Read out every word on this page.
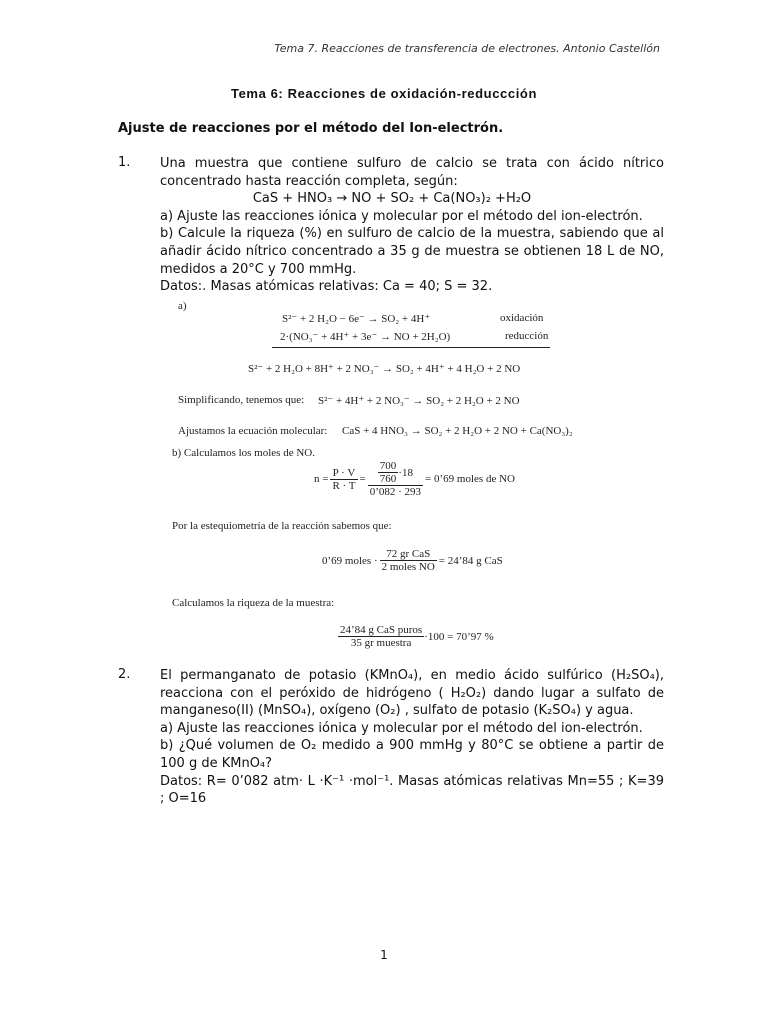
Tema 7. Reacciones de transferencia de electrones. Antonio Castellón
Tema 6: Reacciones de oxidación-reduccción
Ajuste de reacciones por el método del Ion-electrón.
1. Una muestra que contiene sulfuro de calcio se trata con ácido nítrico concentrado hasta reacción completa, según:

CaS + HNO₃ → NO + SO₂ + Ca(NO₃)₂ +H₂O

a) Ajuste las reacciones iónica y molecular por el método del ion-electrón.

b) Calcule la riqueza (%) en sulfuro de calcio de la muestra, sabiendo que al añadir ácido nítrico concentrado a 35 g de muestra se obtienen 18 L de NO, medidos a 20°C y 700 mmHg.

Datos:. Masas atómicas relativas: Ca = 40; S = 32.

a)
S²⁻ + 2 H₂O − 6e⁻ → SO₂ + 4H⁺	oxidación
2·(NO₃⁻ + 4H⁺ + 3e⁻ → NO + 2H₂O)	reducción
S²⁻ + 2 H₂O + 8H⁺ + 2 NO₃⁻ → SO₂ + 4H⁺ + 4 H₂O + 2 NO
Simplificando, tenemos que: S²⁻ + 4H⁺ + 2 NO₃⁻ → SO₂ + 2 H₂O + 2 NO
Ajustamos la ecuación molecular: CaS + 4 HNO₃ → SO₂ + 2 H₂O + 2 NO + Ca(NO₃)₂
b) Calculamos los moles de NO.
$n = \frac{P \cdot V}{R \cdot T} = \frac{\frac{700}{760} \cdot 18}{0’082 \cdot 293}$ = 0’69 moles de NO
Por la estequiometría de la reacción sabemos que:
0’69 moles · $\frac{\text{72 gr CaS}}{\text{2 moles NO}}$ = 24’84 g CaS
Calculamos la riqueza de la muestra:
$\frac{\text{24’84 g CaS puros}}{\text{35 gr muestra}} \cdot 100$ = 70’97 %
2. El permanganato de potasio (KMnO₄), en medio ácido sulfúrico (H₂SO₄), reacciona con el peróxido de hidrógeno ( H₂O₂) dando lugar a sulfato de manganeso(II) (MnSO₄), oxígeno (O₂) , sulfato de potasio (K₂SO₄) y agua.

a) Ajuste las reacciones iónica y molecular por el método del ion-electrón.

b) ¿Qué volumen de O₂ medido a 900 mmHg y 80°C se obtiene a partir de 100 g de KMnO₄?

Datos: R= 0’082 atm· L ·K⁻¹ ·mol⁻¹. Masas atómicas relativas Mn=55 ; K=39 ; O=16

1
